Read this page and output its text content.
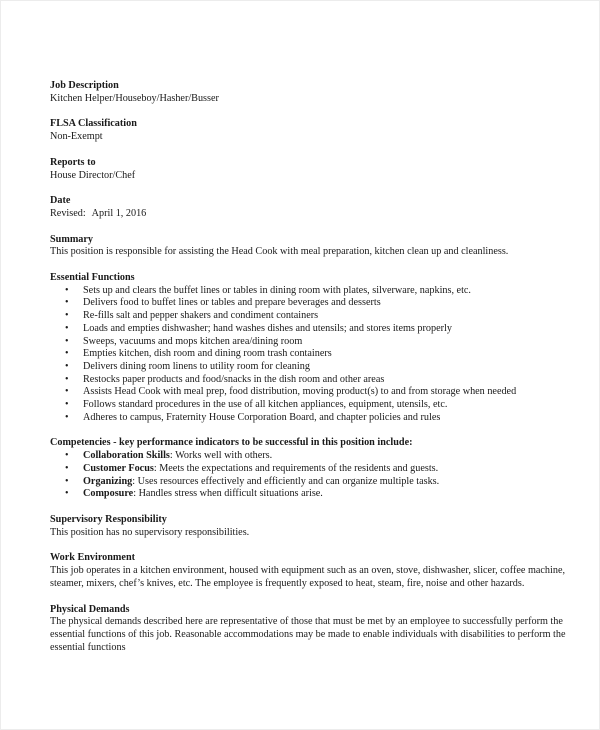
Job Description
Kitchen Helper/Houseboy/Hasher/Busser
FLSA Classification
Non-Exempt
Reports to
House Director/Chef
Date
Revised: April 1, 2016
Summary
This position is responsible for assisting the Head Cook with meal preparation, kitchen clean up and cleanliness.
Essential Functions
• Sets up and clears the buffet lines or tables in dining room with plates, silverware, napkins, etc.
• Delivers food to buffet lines or tables and prepare beverages and desserts
• Re-fills salt and pepper shakers and condiment containers
• Loads and empties dishwasher; hand washes dishes and utensils; and stores items properly
• Sweeps, vacuums and mops kitchen area/dining room
• Empties kitchen, dish room and dining room trash containers
• Delivers dining room linens to utility room for cleaning
• Restocks paper products and food/snacks in the dish room and other areas
• Assists Head Cook with meal prep, food distribution, moving product(s) to and from storage when needed
• Follows standard procedures in the use of all kitchen appliances, equipment, utensils, etc.
• Adheres to campus, Fraternity House Corporation Board, and chapter policies and rules
Competencies - key performance indicators to be successful in this position include:
• Collaboration Skills: Works well with others.
• Customer Focus: Meets the expectations and requirements of the residents and guests.
• Organizing: Uses resources effectively and efficiently and can organize multiple tasks.
• Composure: Handles stress when difficult situations arise.
Supervisory Responsibility
This position has no supervisory responsibilities.
Work Environment
This job operates in a kitchen environment, housed with equipment such as an oven, stove, dishwasher, slicer, coffee machine, steamer, mixers, chef’s knives, etc. The employee is frequently exposed to heat, steam, fire, noise and other hazards.
Physical Demands
The physical demands described here are representative of those that must be met by an employee to successfully perform the essential functions of this job. Reasonable accommodations may be made to enable individuals with disabilities to perform the essential functions
